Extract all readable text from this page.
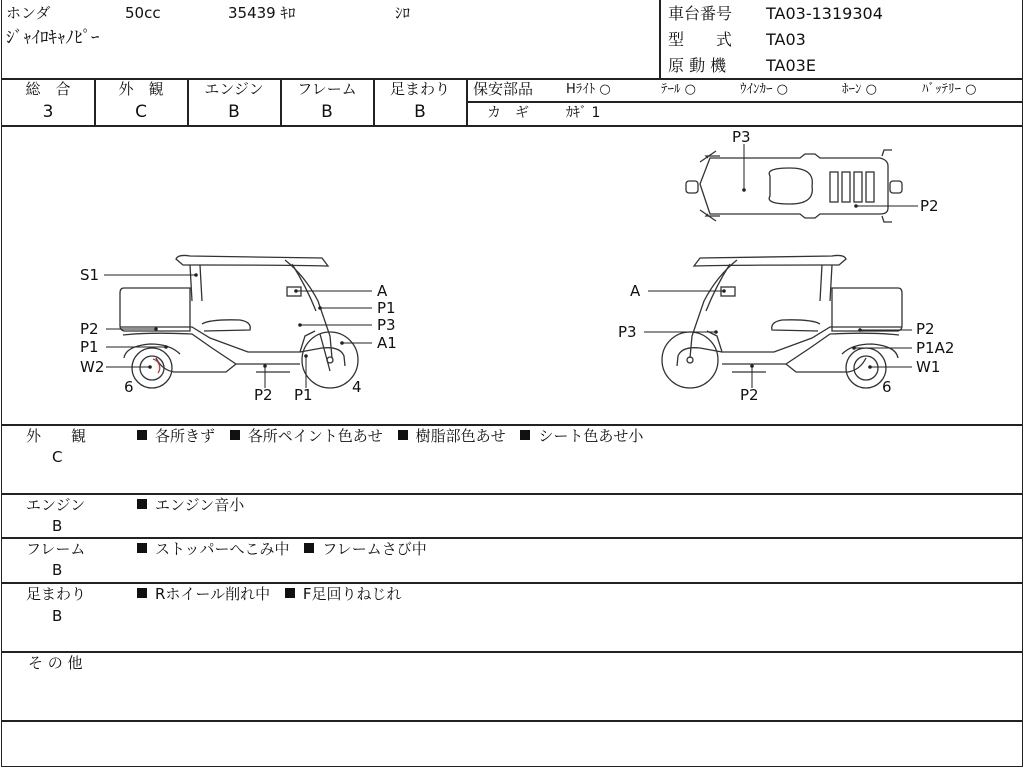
ホンダ	50cc	35439 ｷﾛ	ｼﾛ
ｼﾞｬｲﾛｷｬﾉﾋﾟｰ
車台番号 TA03-1319304
型　　式 TA03
原 動 機 TA03E
総　合	外　観	エンジン	フレーム	足まわり
3	C	B	B	B
保安部品	Hﾗｲﾄ ○	ﾃｰﾙ ○	ｳｲﾝｶｰ ○	ﾎｰﾝ ○	ﾊﾞｯﾃﾘｰ ○
カ　ギ	ｶｷﾞ 1
S1
P2
P1
W2
6
A
P1
P3
A1
P2 P1	4
A
P3	P2
P1A2
W1
6
P2
P3
P2
外　　観
C
各所きず 各所ペイント色あせ 樹脂部色あせ シート色あせ小
エンジン
B
エンジン音小
フレーム
B
ストッパーへこみ中 フレームさび中
足まわり
B
Rホイール削れ中 F足回りねじれ
そ の 他
